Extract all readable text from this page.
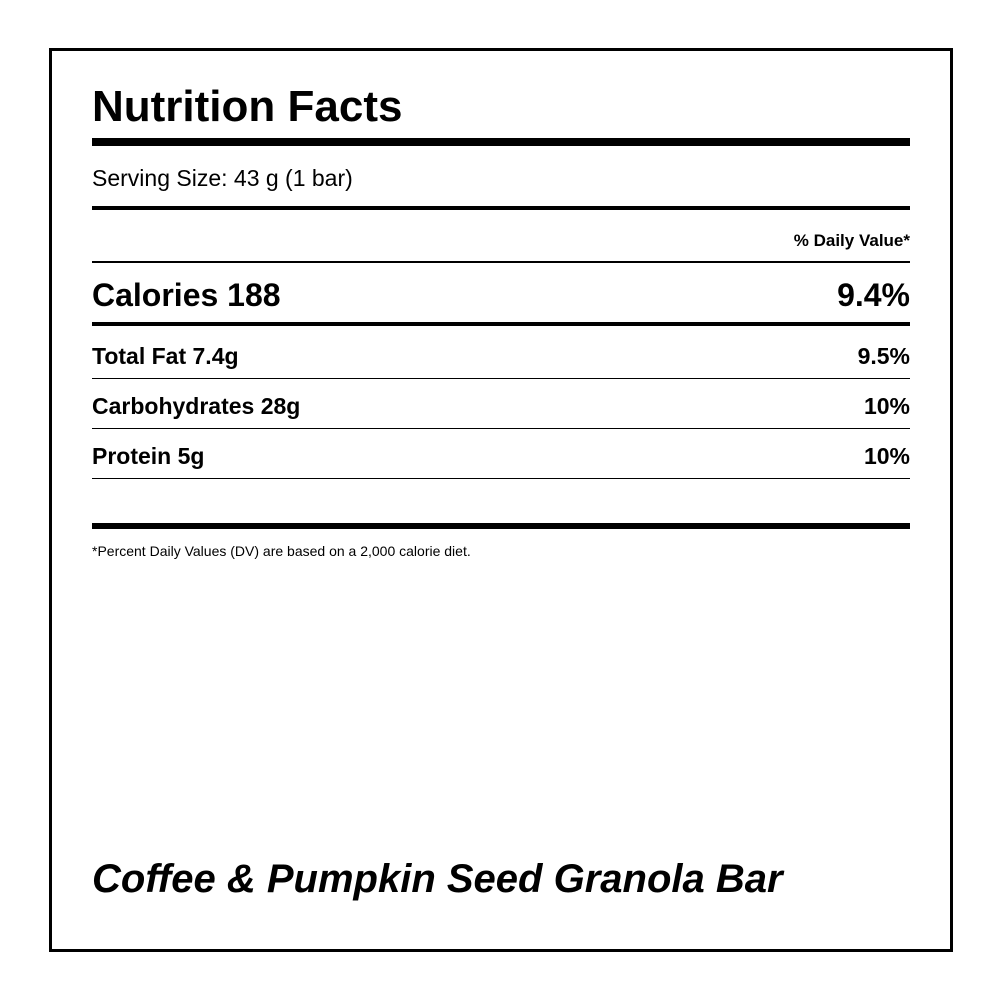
Nutrition Facts
Serving Size: 43 g (1 bar)
% Daily Value*
Calories 188	9.4%
Total Fat 7.4g	9.5%
Carbohydrates 28g	10%
Protein 5g	10%
*Percent Daily Values (DV) are based on a 2,000 calorie diet.
Coffee & Pumpkin Seed Granola Bar
